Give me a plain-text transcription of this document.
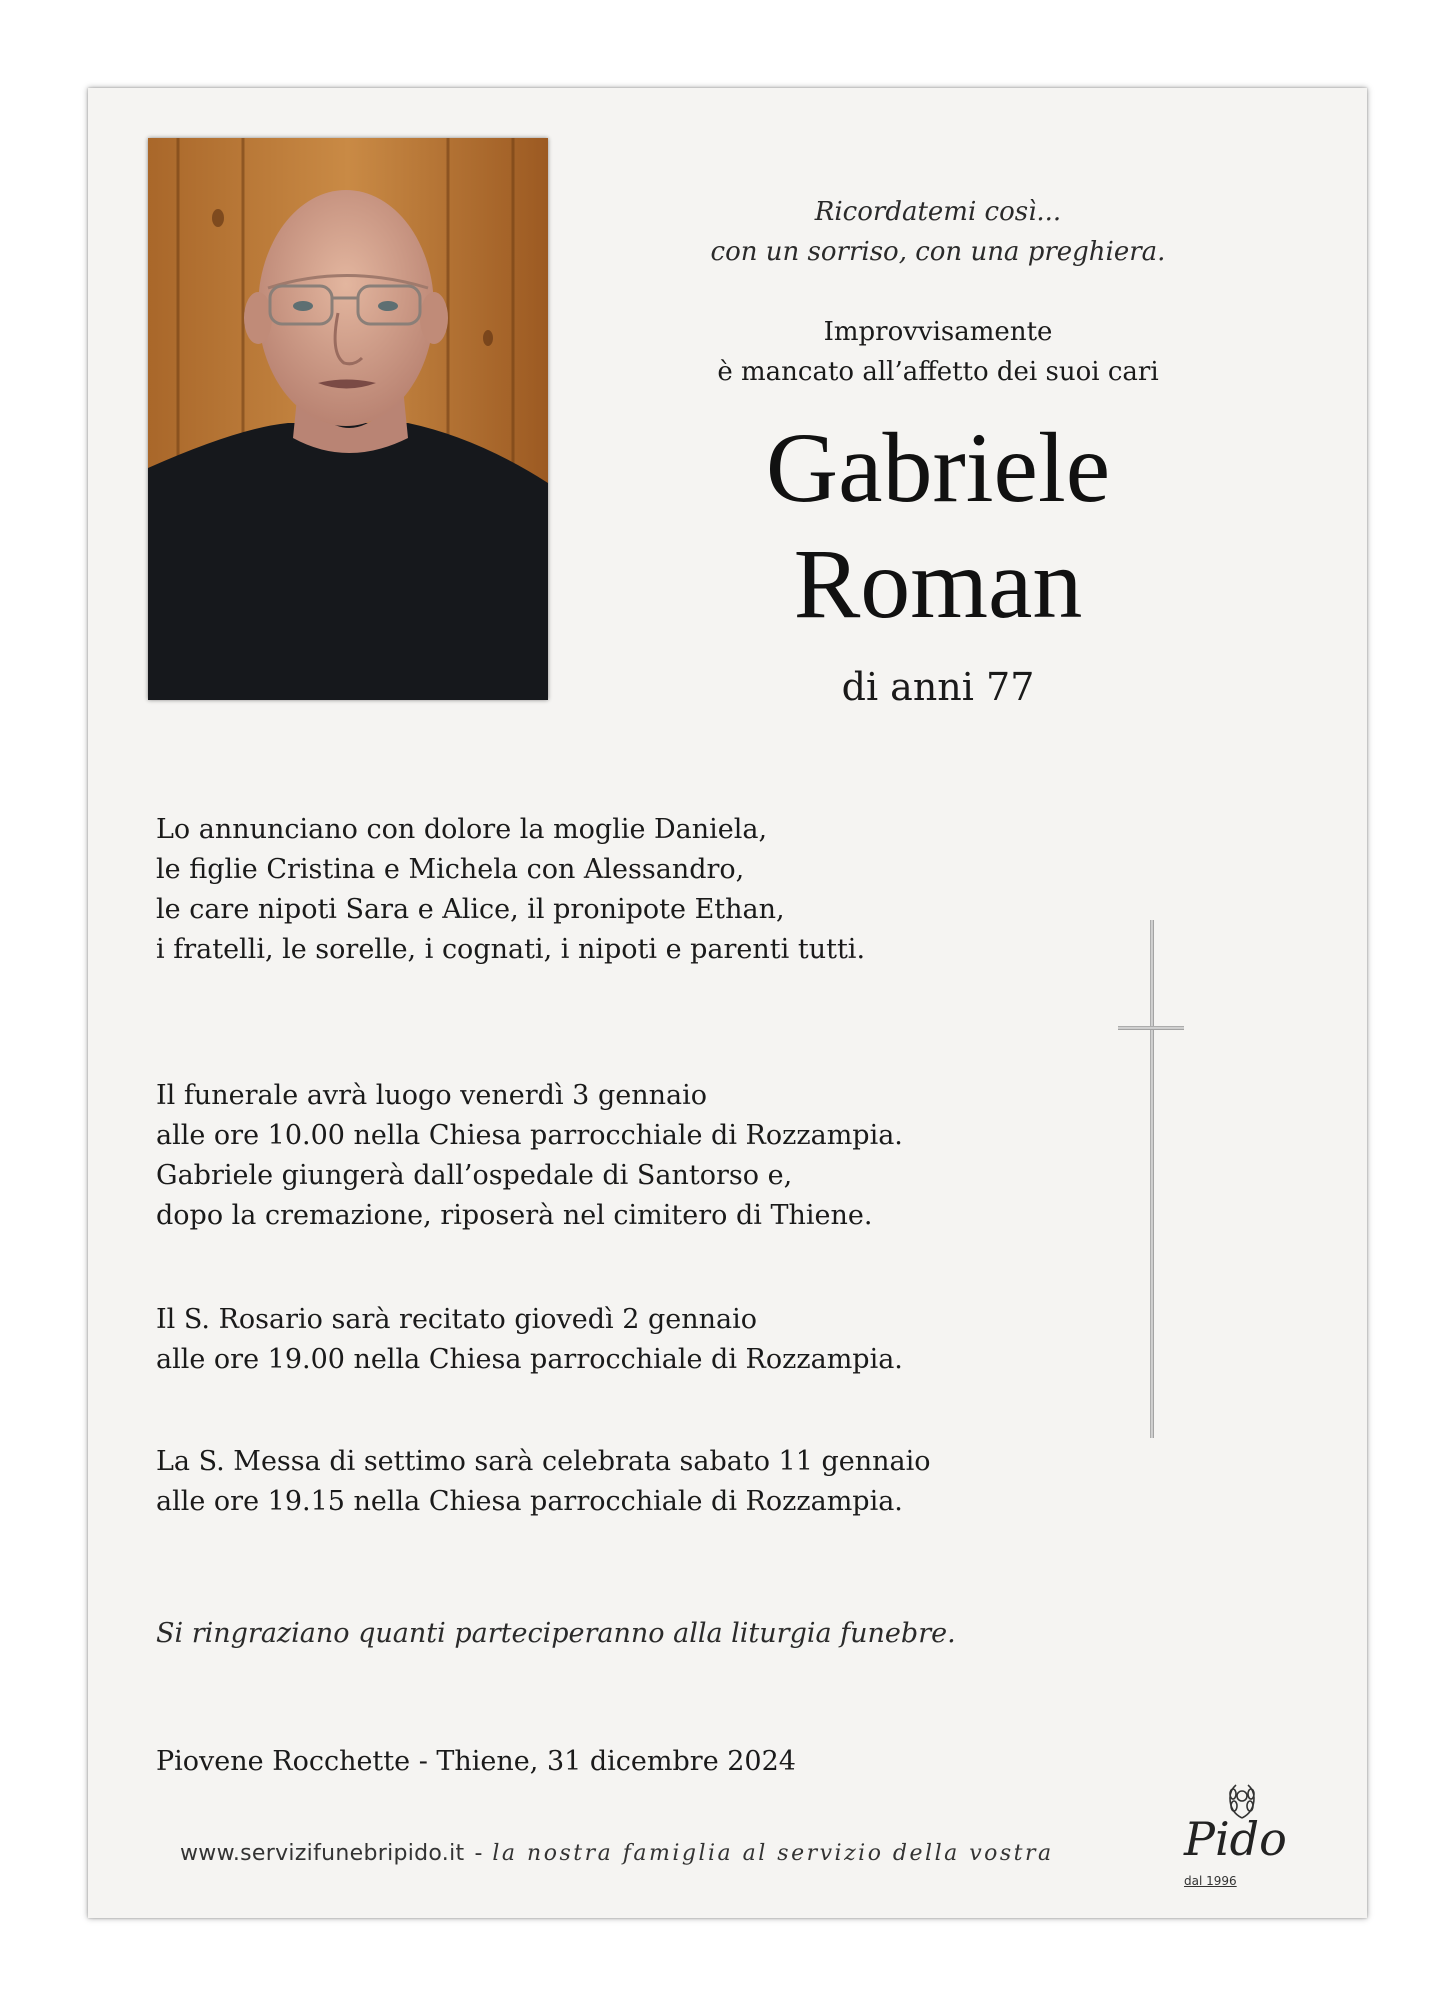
Ricordatemi così...
con un sorriso, con una preghiera.
Improvvisamente
è mancato all’affetto dei suoi cari
Gabriele
Roman
di anni 77
Lo annunciano con dolore la moglie Daniela,
le figlie Cristina e Michela con Alessandro,
le care nipoti Sara e Alice, il pronipote Ethan,
i fratelli, le sorelle, i cognati, i nipoti e parenti tutti.
Il funerale avrà luogo venerdì 3 gennaio
alle ore 10.00 nella Chiesa parrocchiale di Rozzampia.
Gabriele giungerà dall’ospedale di Santorso e,
dopo la cremazione, riposerà nel cimitero di Thiene.
Il S. Rosario sarà recitato giovedì 2 gennaio
alle ore 19.00 nella Chiesa parrocchiale di Rozzampia.
La S. Messa di settimo sarà celebrata sabato 11 gennaio
alle ore 19.15 nella Chiesa parrocchiale di Rozzampia.
Si ringraziano quanti parteciperanno alla liturgia funebre.
Piovene Rocchette - Thiene, 31 dicembre 2024
www.servizifunebripido.it - la nostra famiglia al servizio della vostra	Pido
dal 1996
